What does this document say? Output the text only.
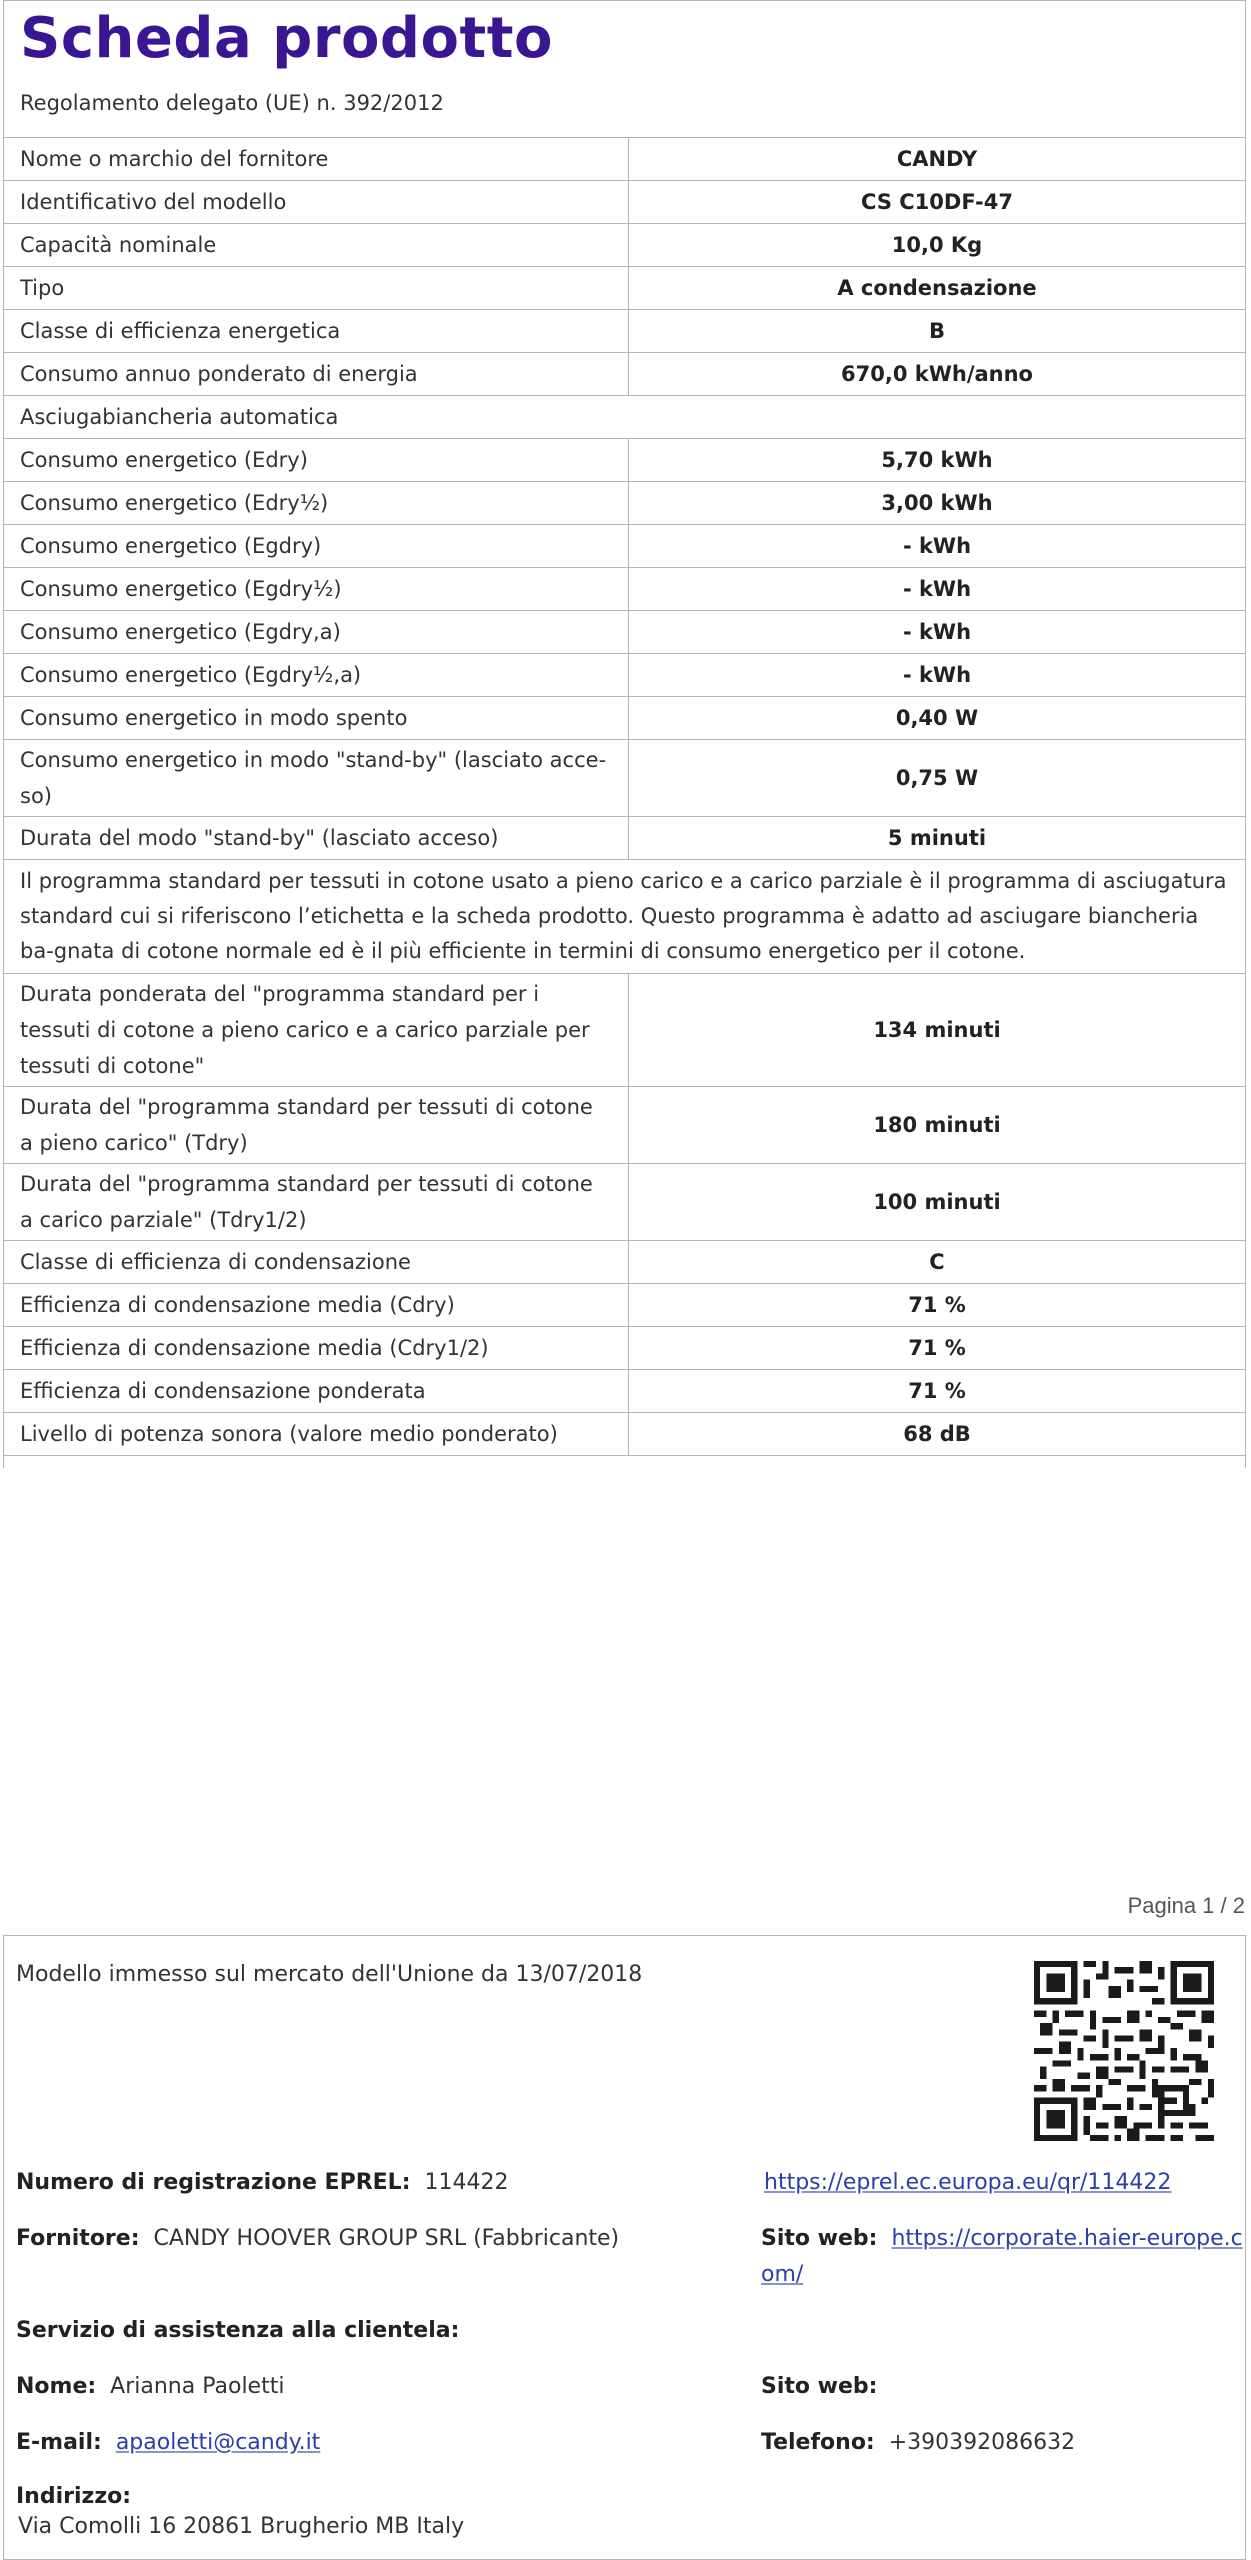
Scheda prodotto
Regolamento delegato (UE) n. 392/2012
Nome o marchio del fornitore	CANDY
Identificativo del modello	CS C10DF-47
Capacità nominale	10,0 Kg
Tipo	A condensazione
Classe di efficienza energetica	B
Consumo annuo ponderato di energia	670,0 kWh/anno
Asciugabiancheria automatica	
Consumo energetico (Edry)	5,70 kWh
Consumo energetico (Edry½)	3,00 kWh
Consumo energetico (Egdry)	- kWh
Consumo energetico (Egdry½)	- kWh
Consumo energetico (Egdry,a)	- kWh
Consumo energetico (Egdry½,a)	- kWh
Consumo energetico in modo spento	0,40 W
Consumo energetico in modo "stand-by" (lasciato acce-so)	0,75 W
Durata del modo "stand-by" (lasciato acceso)	5 minuti
Il programma standard per tessuti in cotone usato a pieno carico e a carico parziale è il programma di asciugatura standard cui si riferiscono l’etichetta e la scheda prodotto. Questo programma è adatto ad asciugare biancheria ba-gnata di cotone normale ed è il più efficiente in termini di consumo energetico per il cotone.	
Durata ponderata del "programma standard per i tessuti di cotone a pieno carico e a carico parziale per tessuti di cotone"	134 minuti
Durata del "programma standard per tessuti di cotone a pieno carico" (Tdry)	180 minuti
Durata del "programma standard per tessuti di cotone a carico parziale" (Tdry1/2)	100 minuti
Classe di efficienza di condensazione	C
Efficienza di condensazione media (Cdry)	71 %
Efficienza di condensazione media (Cdry1/2)	71 %
Efficienza di condensazione ponderata	71 %
Livello di potenza sonora (valore medio ponderato)	68 dB
Pagina 1 / 2
Modello immesso sul mercato dell'Unione da 13/07/2018
Numero di registrazione EPREL: 114422	https://eprel.ec.europa.eu/qr/114422
Fornitore: CANDY HOOVER GROUP SRL (Fabbricante)	Sito web: https://corporate.haier-europe.c
om/
Servizio di assistenza alla clientela:
Nome: Arianna Paoletti	Sito web:
E-mail: apaoletti@candy.it	Telefono: +390392086632
Indirizzo:
Via Comolli 16 20861 Brugherio MB Italy
